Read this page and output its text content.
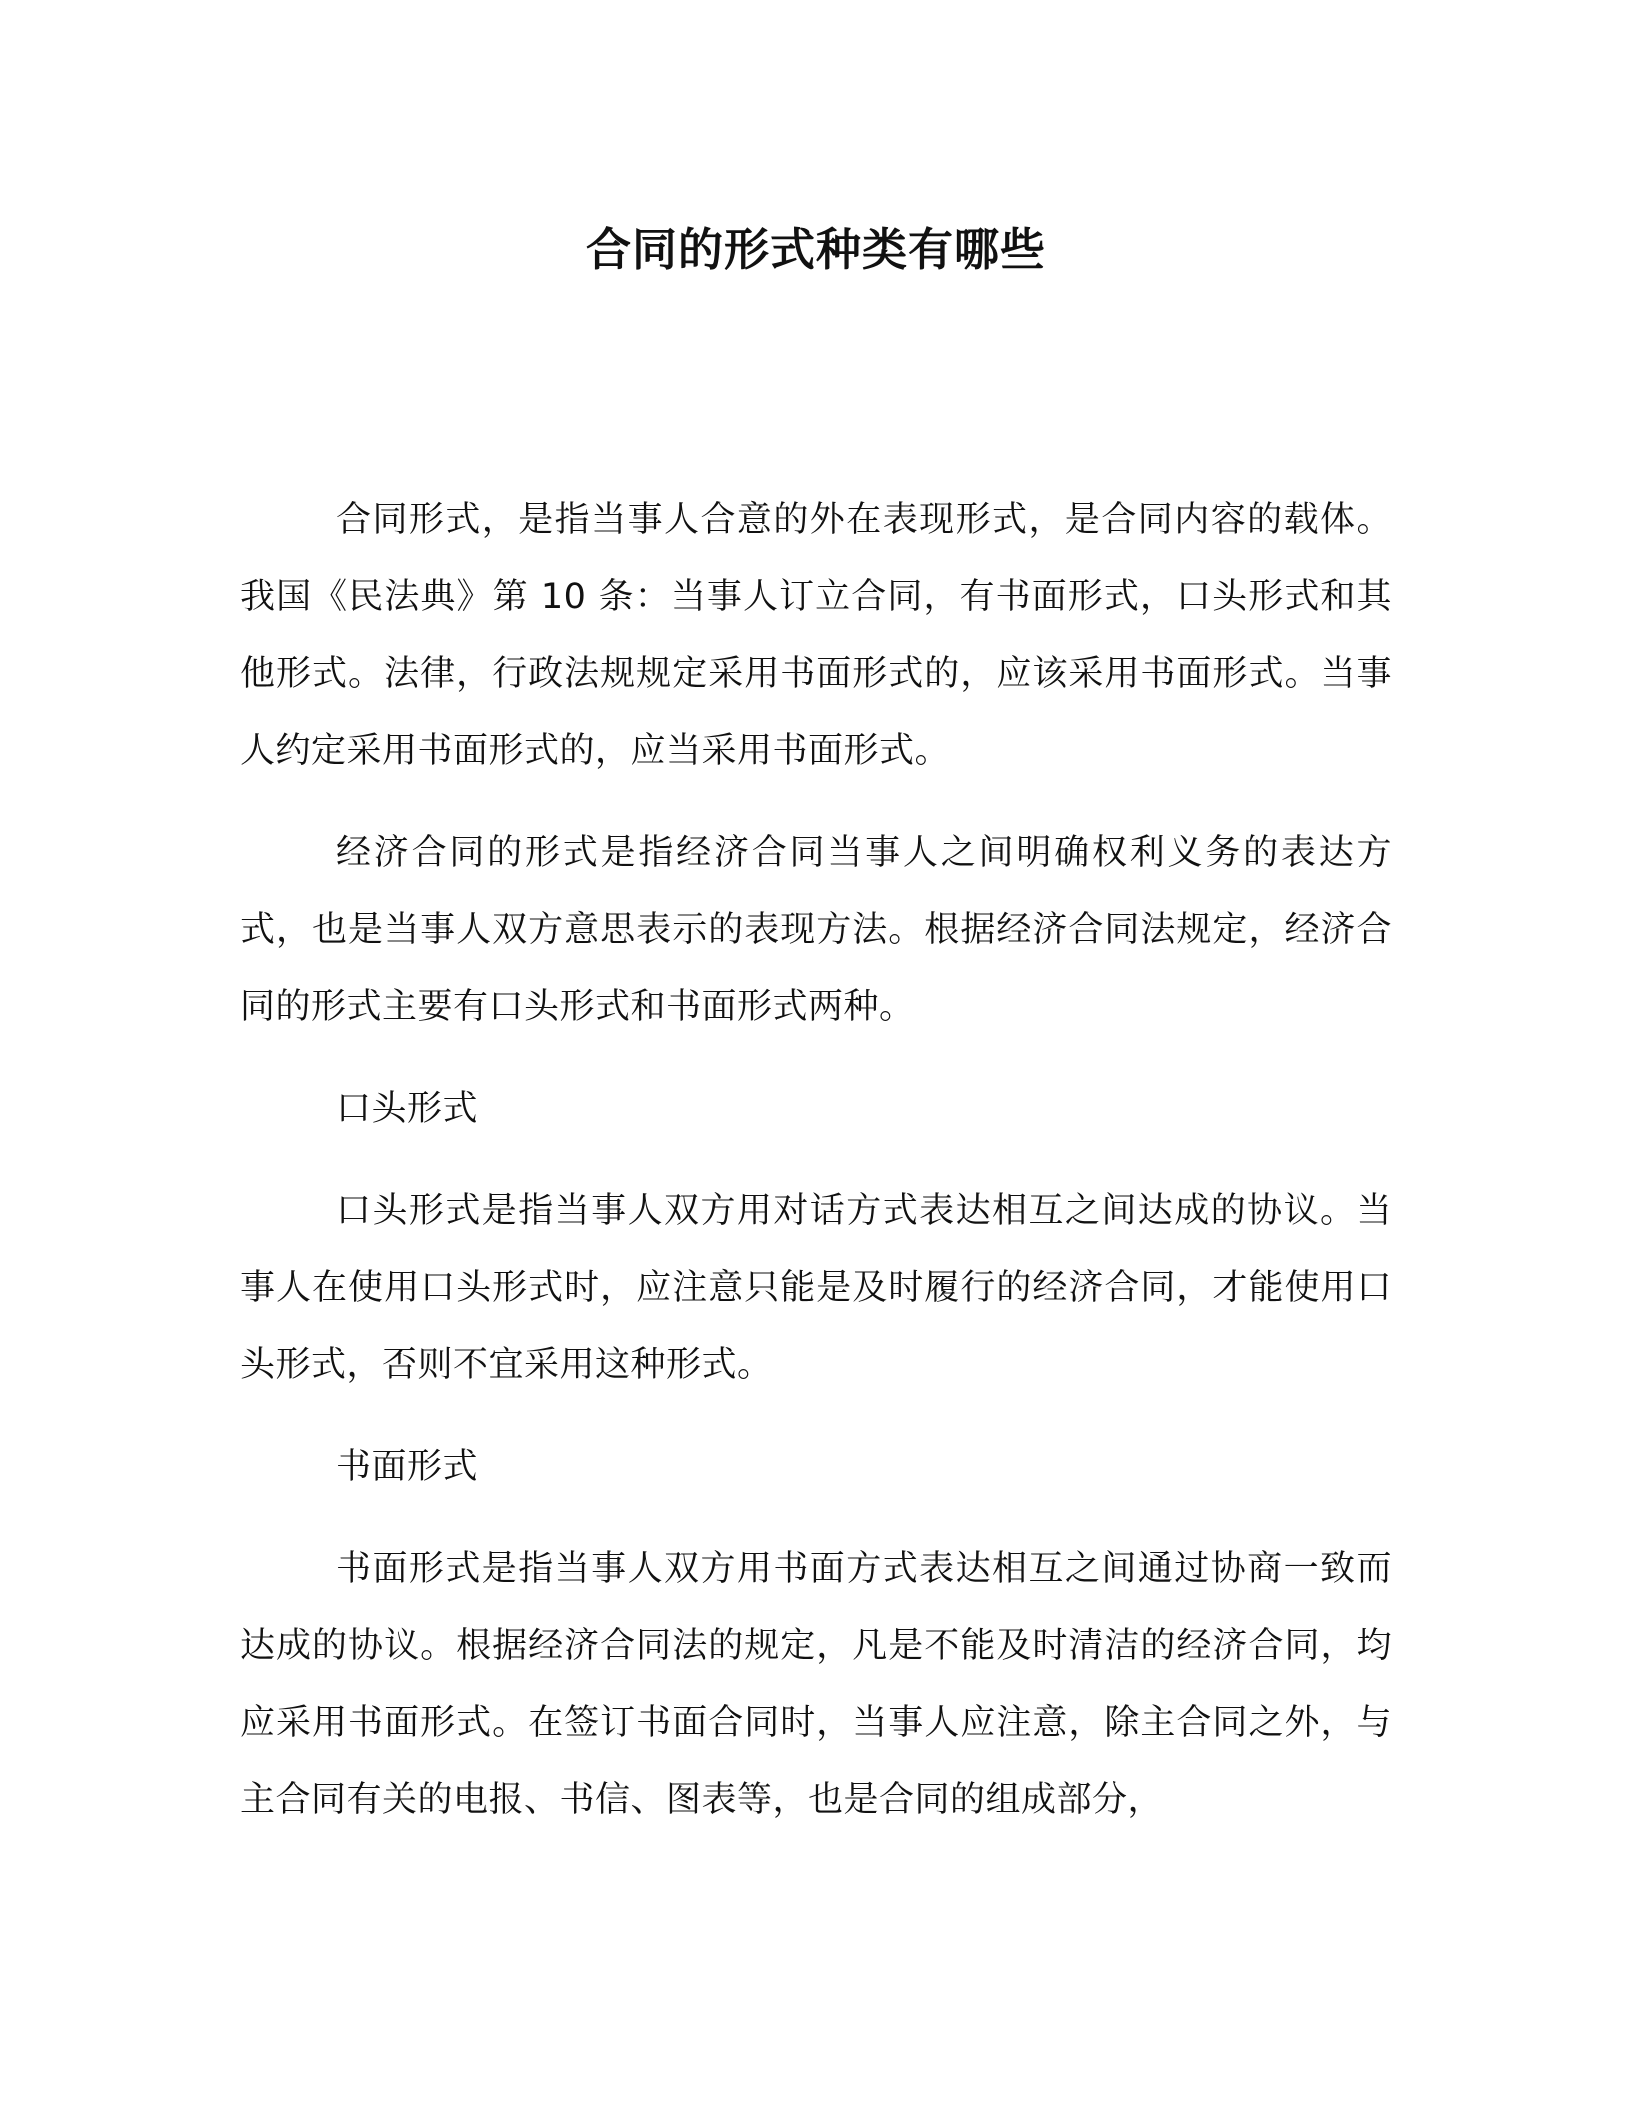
合同的形式种类有哪些

合同形式，是指当事人合意的外在表现形式，是合同内容的载体。我国《民法典》第 10 条：当事人订立合同，有书面形式，口头形式和其他形式。法律，行政法规规定采用书面形式的，应该采用书面形式。当事人约定采用书面形式的，应当采用书面形式。

经济合同的形式是指经济合同当事人之间明确权利义务的表达方式，也是当事人双方意思表示的表现方法。根据经济合同法规定，经济合同的形式主要有口头形式和书面形式两种。

口头形式

口头形式是指当事人双方用对话方式表达相互之间达成的协议。当事人在使用口头形式时，应注意只能是及时履行的经济合同，才能使用口头形式，否则不宜采用这种形式。

书面形式

书面形式是指当事人双方用书面方式表达相互之间通过协商一致而达成的协议。根据经济合同法的规定，凡是不能及时清洁的经济合同，均应采用书面形式。在签订书面合同时，当事人应注意，除主合同之外，与主合同有关的电报、书信、图表等，也是合同的组成部分，
